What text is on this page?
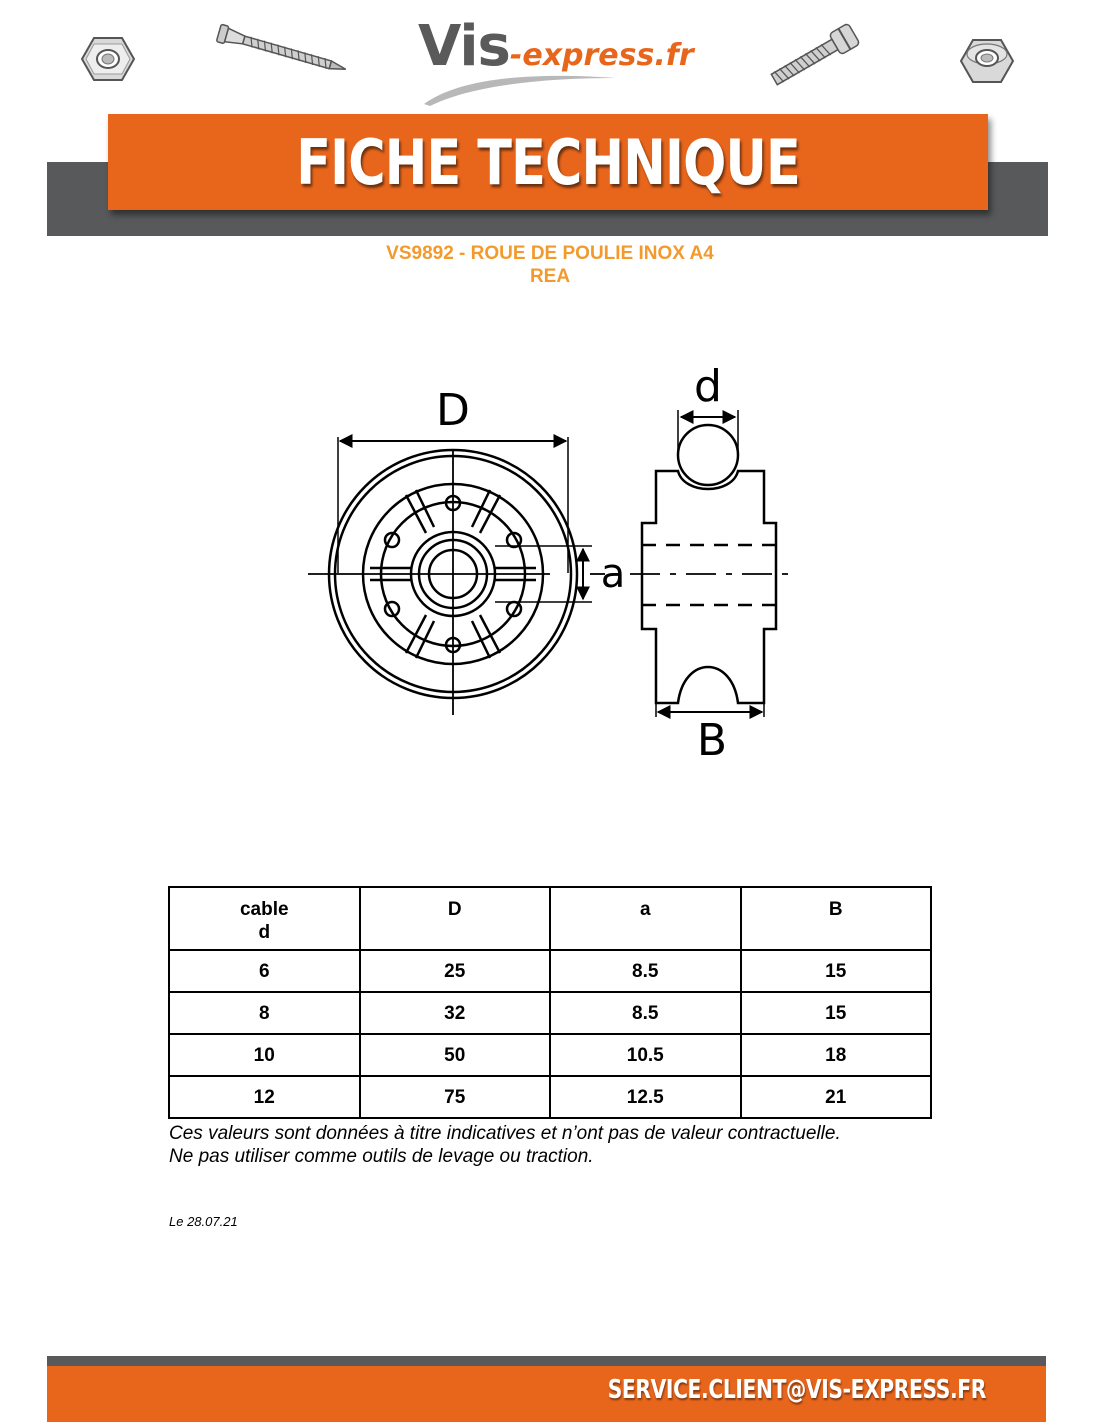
Vis-express.fr
FICHE TECHNIQUE
VS9892 - ROUE DE POULIE INOX A4
REA
D	d
a
B
cable
d	D	a	B
6	25	8.5	15
8	32	8.5	15
10	50	10.5	18
12	75	12.5	21
Ces valeurs sont données à titre indicatives et n’ont pas de valeur contractuelle.
Ne pas utiliser comme outils de levage ou traction.
Le 28.07.21
SERVICE.CLIENT@VIS-EXPRESS.FR
